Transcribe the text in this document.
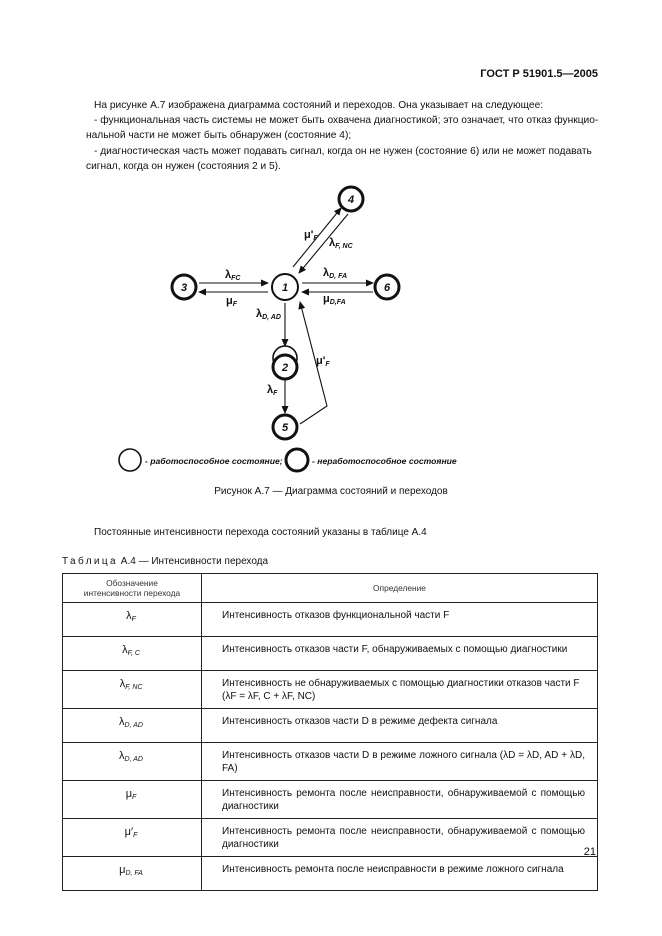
ГОСТ Р 51901.5—2005
На рисунке А.7 изображена диаграмма состояний и переходов. Она указывает на следующее:
- функциональная часть системы не может быть охвачена диагностикой; это означает, что отказ функцио-
нальной части не может быть обнаружен (состояние 4);
- диагностическая часть может подавать сигнал, когда он не нужен (состояние 6) или не может подавать
сигнал, когда он нужен (состояния 2 и 5).
1
2
3
4
5
6
λFC
μF
λD, FA
μD,FA
μ'F λF, NC
λD, AD
λF
μ'F
- работоспособное состояние;	- неработоспособное состояние
Рисунок А.7 — Диаграмма состояний и переходов
Постоянные интенсивности перехода состояний указаны в таблице А.4
Таблица А.4 — Интенсивности перехода
Обозначение
интенсивности перехода	Определение
$\lambda_F$	Интенсивность отказов функциональной части F
$\lambda_{F, C}$	Интенсивность отказов части F, обнаруживаемых с помощью диагностики
$\lambda_{F, NC}$	Интенсивность не обнаруживаемых с помощью диагностики отказов части F
(λF = λF, C + λF, NC)
$\lambda_{D, AD}$	Интенсивность отказов части D в режиме дефекта сигнала
$\lambda_{D, AD}$	Интенсивность отказов части D в режиме ложного сигнала (λD = λD, AD + λD, FA)
$\mu_F$	Интенсивность ремонта после неисправности, обнаруживаемой с помощью диагностики
$\mu'_F$	Интенсивность ремонта после неисправности, обнаруживаемой с помощью диагностики
$\mu_{D, FA}$	Интенсивность ремонта после неисправности в режиме ложного сигнала
21
